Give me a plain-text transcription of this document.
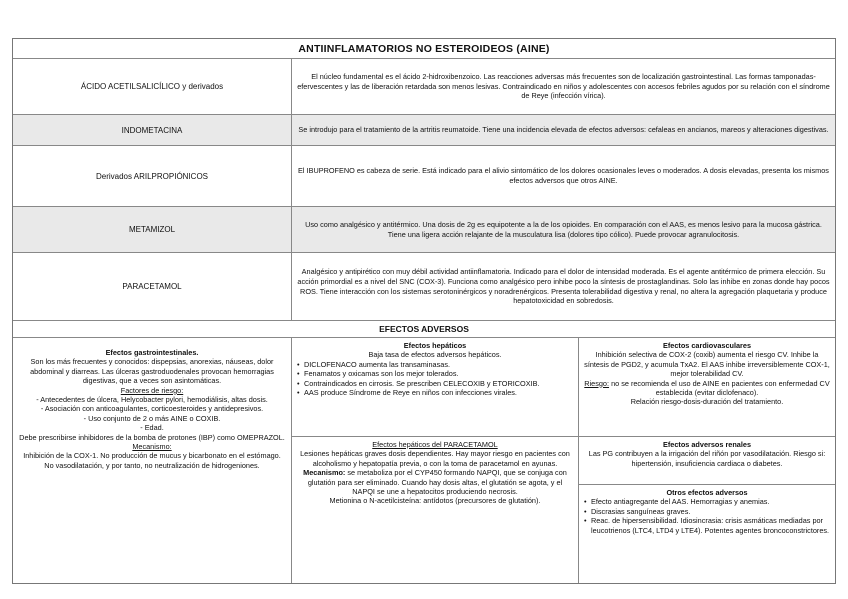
ANTIINFLAMATORIOS NO ESTEROIDEOS (AINE)
ÁCIDO ACETILSALICÍLICO y derivados
El núcleo fundamental es el ácido 2-hidroxibenzoico. Las reacciones adversas más frecuentes son de localización gastrointestinal. Las formas tamponadas-efervescentes y las de liberación retardada son menos lesivas. Contraindicado en niños y adolescentes con accesos febriles agudos por su relación con el síndrome de Reye (infección vírica).
INDOMETACINA	Se introdujo para el tratamiento de la artritis reumatoide. Tiene una incidencia elevada de efectos adversos: cefaleas en ancianos, mareos y alteraciones digestivas.
Derivados ARILPROPIÓNICOS
El IBUPROFENO es cabeza de serie. Está indicado para el alivio sintomático de los dolores ocasionales leves o moderados. A dosis elevadas, presenta los mismos efectos adversos que otros AINE.
METAMIZOL
Uso como analgésico y antitérmico. Una dosis de 2g es equipotente a la de los opioides. En comparación con el AAS, es menos lesivo para la mucosa gástrica. Tiene una ligera acción relajante de la musculatura lisa (dolores tipo cólico). Puede provocar agranulocitosis.
PARACETAMOL
Analgésico y antipirético con muy débil actividad antiinflamatoria. Indicado para el dolor de intensidad moderada. Es el agente antitérmico de primera elección. Su acción primordial es a nivel del SNC (COX-3). Funciona como analgésico pero inhibe poco la síntesis de prostaglandinas. Solo las inhibe en zonas donde hay pocos ROS. Tiene interacción con los sistemas serotoninérgicos y noradrenérgicos. Presenta tolerabilidad digestiva y renal, no altera la agregación plaquetaria y produce hepatotoxicidad en sobredosis.
EFECTOS ADVERSOS

Efectos gastrointestinales.

Son los más frecuentes y conocidos: dispepsias, anorexias, náuseas, dolor abdominal y diarreas. Las úlceras gastroduodenales provocan hemorragias digestivas, que a veces son asintomáticas.

Factores de riesgo:

- Antecedentes de úlcera, Helycobacter pylori, hemodiálisis, altas dosis.

- Asociación con anticoagulantes, corticoesteroides y antidepresivos.

- Uso conjunto de 2 o más AINE o COXIB.

- Edad.

Debe prescribirse inhibidores de la bomba de protones (IBP) como OMEPRAZOL.

Mecanismo:

Inhibición de la COX-1. No producción de mucus y bicarbonato en el estómago. No vasodilatación, y por tanto, no neutralización de hidrogeniones.

Efectos hepáticos

Baja tasa de efectos adversos hepáticos.

• DICLOFENACO aumenta las transaminasas.
• Fenamatos y oxicamas son los mejor tolerados.
• Contraindicados en cirrosis. Se prescriben CELECOXIB y ETORICOXIB.
• AAS produce Síndrome de Reye en niños con infecciones virales.

Efectos hepáticos del PARACETAMOL

Lesiones hepáticas graves dosis dependientes. Hay mayor riesgo en pacientes con alcoholismo y hepatopatía previa, o con la toma de paracetamol en ayunas.

Mecanismo: se metaboliza por el CYP450 formando NAPQI, que se conjuga con glutatión para ser eliminado. Cuando hay dosis altas, el glutatión se agota, y el NAPQI se une a hepatocitos produciendo necrosis.

Metionina o N-acetilcisteína: antídotos (precursores de glutatión).

Efectos cardiovasculares

Inhibición selectiva de COX-2 (coxib) aumenta el riesgo CV. Inhibe la síntesis de PGD2, y acumula TxA2. El AAS inhibe irreversiblemente COX-1, mejor tolerabilidad CV.

Riesgo: no se recomienda el uso de AINE en pacientes con enfermedad CV establecida (evitar diclofenaco).

Relación riesgo-dosis-duración del tratamiento.

Efectos adversos renales

Las PG contribuyen a la irrigación del riñón por vasodilatación. Riesgo si: hipertensión, insuficiencia cardiaca o diabetes.

Otros efectos adversos

• Efecto antiagregante del AAS. Hemorragias y anemias.
• Discrasias sanguíneas graves.
• Reac. de hipersensibilidad. Idiosincrasia: crisis asmáticas mediadas por leucotrienos (LTC4, LTD4 y LTE4). Potentes agentes broncoconstrictores.
